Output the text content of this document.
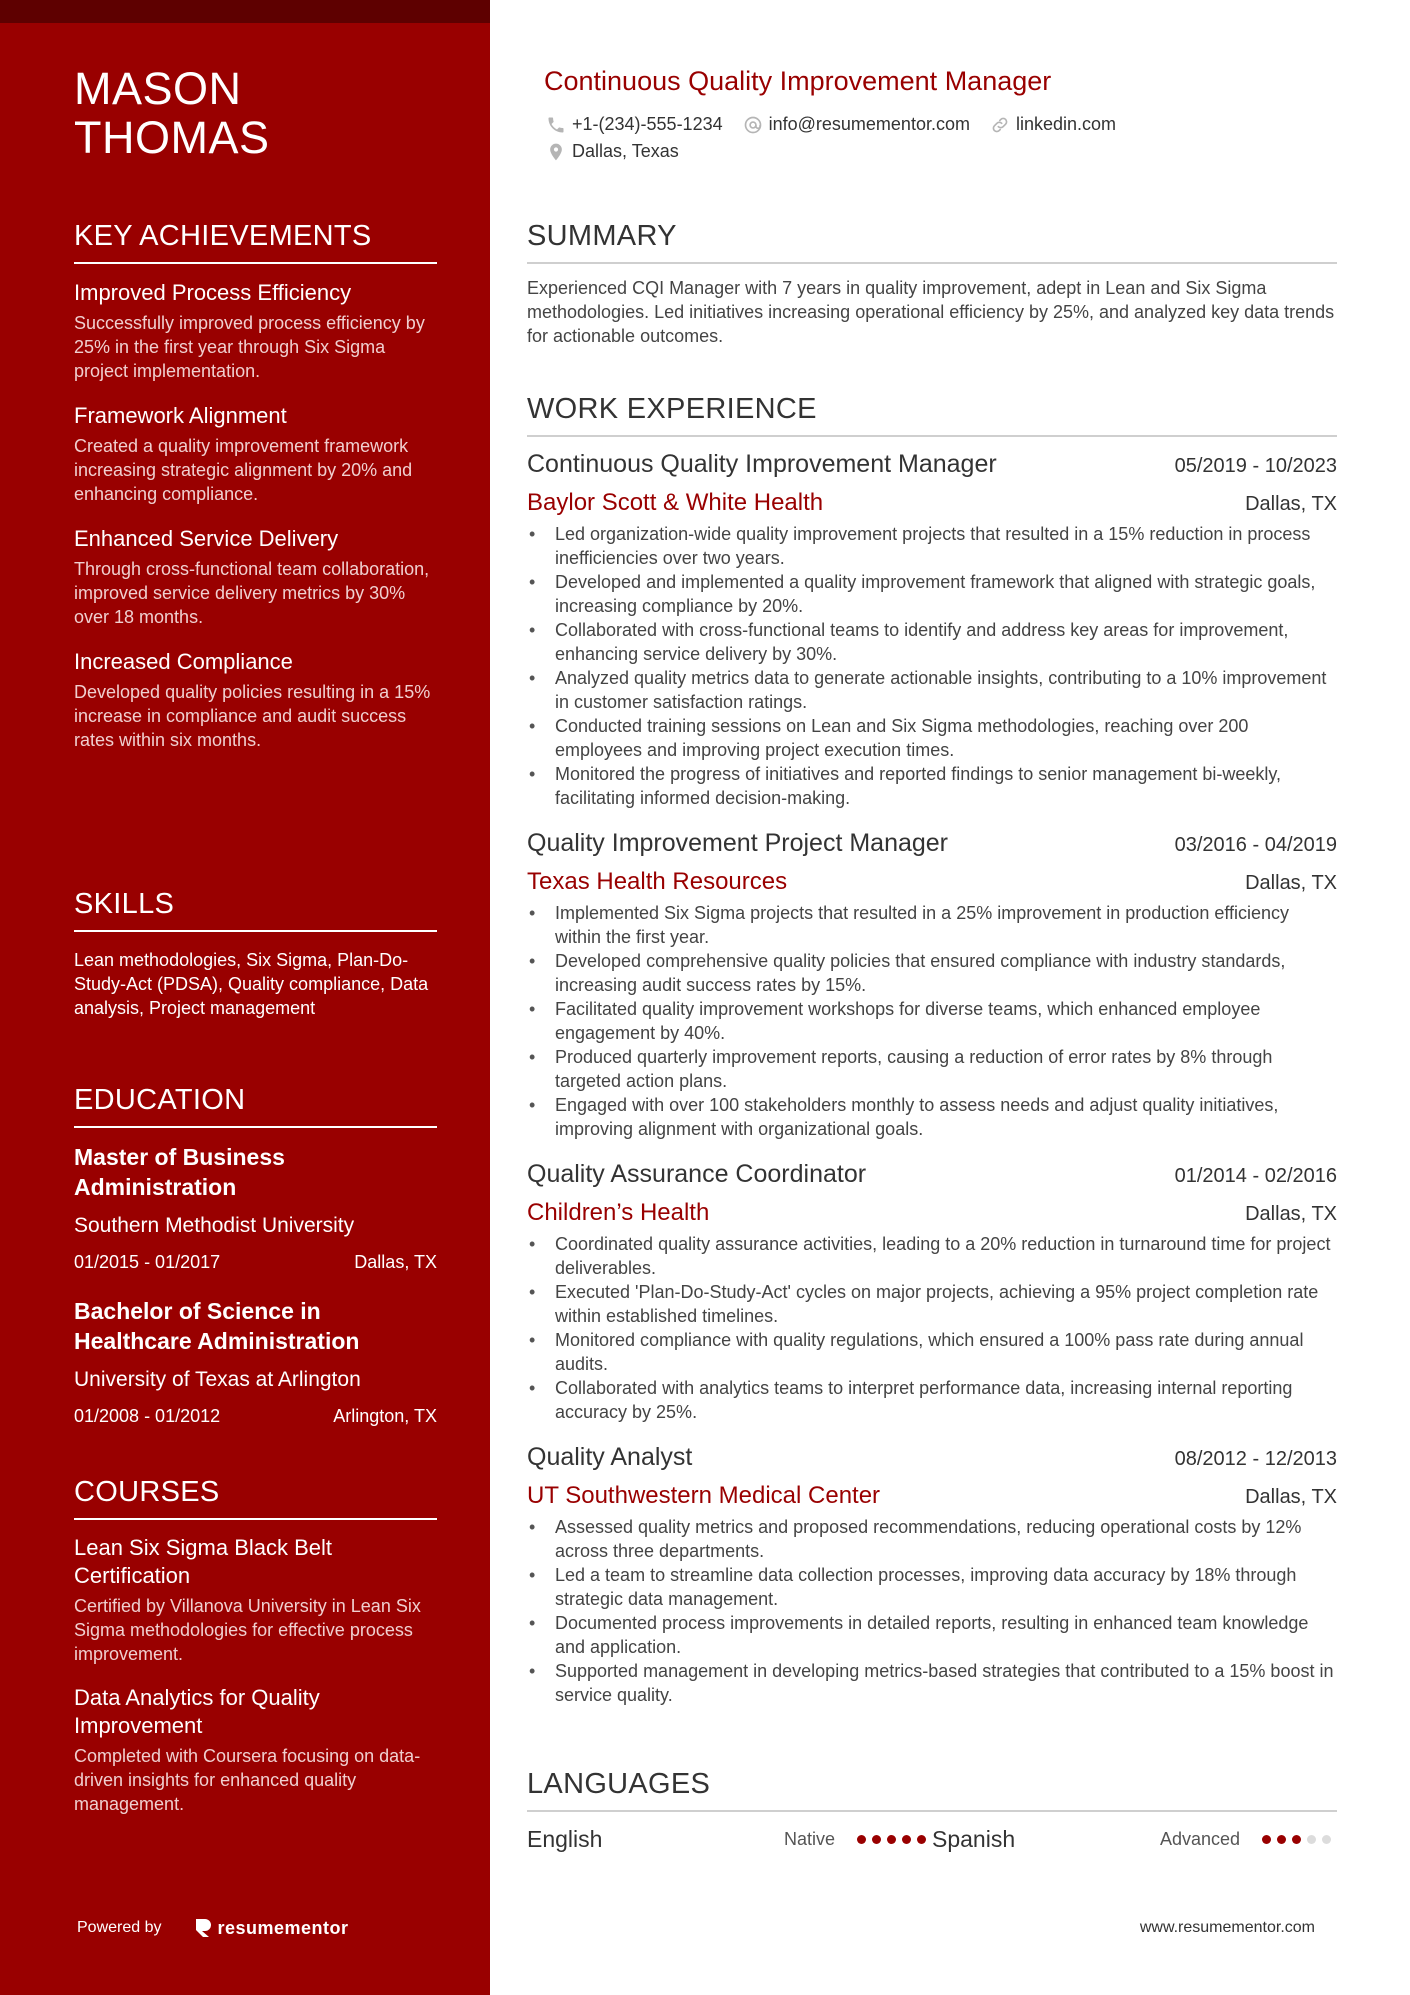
MASON
THOMAS
KEY ACHIEVEMENTS
Improved Process Efficiency
Successfully improved process efficiency by 25% in the first year through Six Sigma project implementation.
Framework Alignment
Created a quality improvement framework increasing strategic alignment by 20% and enhancing compliance.
Enhanced Service Delivery
Through cross-functional team collaboration, improved service delivery metrics by 30% over 18 months.
Increased Compliance
Developed quality policies resulting in a 15% increase in compliance and audit success rates within six months.
SKILLS
Lean methodologies, Six Sigma, Plan-Do-Study-Act (PDSA), Quality compliance, Data analysis, Project management
EDUCATION
Master of Business Administration
Southern Methodist University
01/2015 - 01/2017	Dallas, TX
Bachelor of Science in Healthcare Administration
University of Texas at Arlington
01/2008 - 01/2012	Arlington, TX
COURSES
Lean Six Sigma Black Belt Certification
Certified by Villanova University in Lean Six Sigma methodologies for effective process improvement.
Data Analytics for Quality Improvement
Completed with Coursera focusing on data-driven insights for enhanced quality management.
Powered by	resumementor
Continuous Quality Improvement Manager
+1-(234)-555-1234	info@resumementor.com	linkedin.com
Dallas, Texas
SUMMARY
Experienced CQI Manager with 7 years in quality improvement, adept in Lean and Six Sigma methodologies. Led initiatives increasing operational efficiency by 25%, and analyzed key data trends for actionable outcomes.
WORK EXPERIENCE
Continuous Quality Improvement Manager	05/2019 - 10/2023
Baylor Scott & White Health	Dallas, TX
• Led organization-wide quality improvement projects that resulted in a 15% reduction in process inefficiencies over two years.
• Developed and implemented a quality improvement framework that aligned with strategic goals, increasing compliance by 20%.
• Collaborated with cross-functional teams to identify and address key areas for improvement, enhancing service delivery by 30%.
• Analyzed quality metrics data to generate actionable insights, contributing to a 10% improvement in customer satisfaction ratings.
• Conducted training sessions on Lean and Six Sigma methodologies, reaching over 200 employees and improving project execution times.
• Monitored the progress of initiatives and reported findings to senior management bi-weekly, facilitating informed decision-making.
Quality Improvement Project Manager	03/2016 - 04/2019
Texas Health Resources	Dallas, TX
• Implemented Six Sigma projects that resulted in a 25% improvement in production efficiency within the first year.
• Developed comprehensive quality policies that ensured compliance with industry standards, increasing audit success rates by 15%.
• Facilitated quality improvement workshops for diverse teams, which enhanced employee engagement by 40%.
• Produced quarterly improvement reports, causing a reduction of error rates by 8% through targeted action plans.
• Engaged with over 100 stakeholders monthly to assess needs and adjust quality initiatives, improving alignment with organizational goals.
Quality Assurance Coordinator	01/2014 - 02/2016
Children’s Health	Dallas, TX
• Coordinated quality assurance activities, leading to a 20% reduction in turnaround time for project deliverables.
• Executed 'Plan-Do-Study-Act' cycles on major projects, achieving a 95% project completion rate within established timelines.
• Monitored compliance with quality regulations, which ensured a 100% pass rate during annual audits.
• Collaborated with analytics teams to interpret performance data, increasing internal reporting accuracy by 25%.
Quality Analyst	08/2012 - 12/2013
UT Southwestern Medical Center	Dallas, TX
• Assessed quality metrics and proposed recommendations, reducing operational costs by 12% across three departments.
• Led a team to streamline data collection processes, improving data accuracy by 18% through strategic data management.
• Documented process improvements in detailed reports, resulting in enhanced team knowledge and application.
• Supported management in developing metrics-based strategies that contributed to a 15% boost in service quality.
LANGUAGES
English	Native	Spanish	Advanced
www.resumementor.com
